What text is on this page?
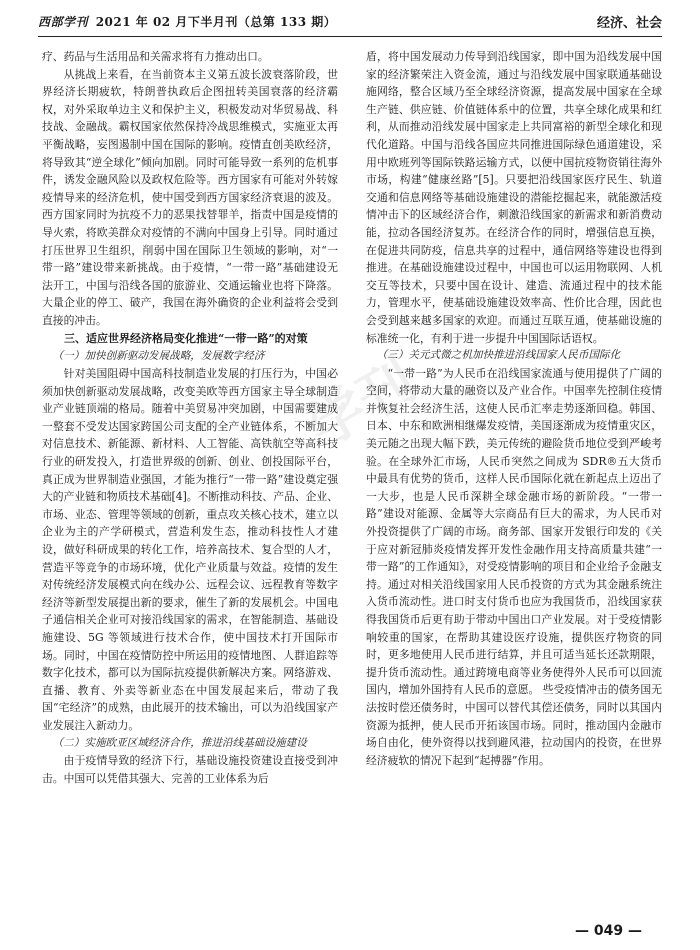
西部学刊 2021 年 02 月下半月刊（总第 133 期）	经济、社会
学刊

疗、药品与生活用品和关需求将有力推动出口。

从挑战上来看，在当前资本主义第五波长波衰落阶段，世界经济长期疲软，特朗普执政后企图扭转美国衰落的经济霸权，对外采取单边主义和保护主义，积极发动对华贸易战、科技战、金融战。霸权国家依然保持冷战思维模式，实施亚太再平衡战略，妄图遏制中国在国际的影响。疫情直创美欧经济，将导致其“逆全球化”倾向加剧。同时可能导致一系列的危机事件，诱发金融风险以及政权危险等。西方国家有可能对外转嫁疫情导来的经济危机，使中国受到西方国家经济衰退的波及。西方国家同时为抗疫不力的恶果找替罪羊，指责中国是疫情的导火索，将欧美群众对疫情的不满向中国身上引导。同时通过打压世界卫生组织，削弱中国在国际卫生领域的影响，对“一带一路”建设带来新挑战。由于疫情，“一带一路”基础建设无法开工，中国与沿线各国的旅游业、交通运输业也将下降落。大量企业的停工、破产，我国在海外确资的企业利益将会受到直接的冲击。

三、适应世界经济格局变化推进“一带一路”的对策
（一）加快创新驱动发展战略，发展数字经济

针对美国阻碍中国高科技制造业发展的打压行为，中国必须加快创新驱动发展战略，改变美欧等西方国家主导全球制造业产业链顶端的格局。随着中美贸易冲突加剧，中国需要建成一整套不受发达国家跨国公司支配的全产业链体系，不断加大对信息技术、新能源、新材料、人工智能、高铁航空等高科技行业的研发投入，打造世界级的创新、创业、创投国际平台，真正成为世界制造业强国，才能为推行“一带一路”建设奠定强大的产业链和物质技术基础[4]。不断推动科技、产品、企业、市场、业态、管理等领域的创新，重点攻关核心技术，建立以企业为主的产学研模式，营造利发生态，推动科技性人才建设，做好科研成果的转化工作，培养高技术、复合型的人才，营造平等竞争的市场环境，优化产业质量与效益。疫情的发生对传统经济发展模式向在线办公、远程会议、远程教育等数字经济等新型发展提出新的要求，催生了新的发展机会。中国电子通信相关企业可对接沿线国家的需求，在智能制造、基础设施建设、5G 等领域进行技术合作，使中国技术打开国际市场。同时，中国在疫情防控中所运用的疫情地图、人群追踪等数字化技术，都可以为国际抗疫提供新解决方案。网络游戏、直播、教育、外卖等新业态在中国发展起来后，带动了我国“宅经济”的成熟，由此展开的技术输出，可以为沿线国家产业发展注入新动力。

（二）实施欧亚区域经济合作，推进沿线基础设施建设

由于疫情导致的经济下行，基础设施投资建设直接受到冲击。中国可以凭借其强大、完善的工业体系为后

盾，将中国发展动力传导到沿线国家，即中国为沿线发展中国家的经济繁荣注入资金流，通过与沿线发展中国家联通基础设施网络，整合区域乃至全球经济资源，提高发展中国家在全球生产链、供应链、价值链体系中的位置，共享全球化成果和红利，从而推动沿线发展中国家走上共同富裕的新型全球化和现代化道路。中国与沿线各国应共同推进国际绿色通道建设，采用中欧班列等国际铁路运输方式，以便中国抗疫物资销往海外市场，构建“健康丝路”[5]。只要把沿线国家医疗民生、轨道交通和信息网络等基础设施建设的潜能挖掘起来，就能激活疫情冲击下的区域经济合作，刺激沿线国家的新需求和新消费动能，拉动各国经济复苏。在经济合作的同时，增强信息互换，在促进共同防疫，信息共享的过程中，通信网络等建设也得到推进。在基础设施建设过程中，中国也可以运用物联网、人机交互等技术，只要中国在设计、建造、流通过程中的技术能力，管理水平，使基础设施建设效率高、性价比合理，因此也会受到越来越多国家的欢迎。而通过互联互通，使基础设施的标准统一化，有利于进一步提升中国国际话语权。

（三）关元式微之机加快推进沿线国家人民币国际化

“一带一路”为人民币在沿线国家流通与使用提供了广阔的空间，将带动大量的融资以及产业合作。中国率先控制住疫情并恢复社会经济生活，这使人民币汇率走势逐渐回稳。韩国、日本、中东和欧洲相继爆发疫情，美国逐渐成为疫情重灾区，美元随之出现大幅下跌，美元传统的避险货币地位受到严峻考验。在全球外汇市场，人民币突然之间成为 SDR®五大货币中最具有优势的货币，这样人民币国际化就在新起点上迈出了一大步，也是人民币深耕全球金融市场的新阶段。“一带一路”建设对能源、金属等大宗商品有巨大的需求，为人民币对外投资提供了广阔的市场。商务部、国家开发银行印发的《关于应对新冠肺炎疫情发挥开发性金融作用支持高质量共建“一带一路”的工作通知》，对受疫情影响的项目和企业给予金融支持。通过对相关沿线国家用人民币投资的方式为其金融系统注入货币流动性。进口时支付货币也应为我国货币，沿线国家获得我国货币后更有助于带动中国出口产业发展。对于受疫情影响较重的国家，在帮助其建设医疗设施，提供医疗物资的同时，更多地使用人民币进行结算，并且可适当延长还款期限，提升货币流动性。通过跨境电商等业务使得外人民币可以回流国内，增加外国持有人民币的意愿。 些受疫情冲击的债务国无法按时偿还债务时，中国可以替代其偿还债务，同时以其国内资源为抵押，使人民币开拓该国市场。同时，推动国内金融市场自由化，使外资得以找到避风港，拉动国内的投资，在世界经济疲软的情况下起到“起搏器”作用。

— 049 —
